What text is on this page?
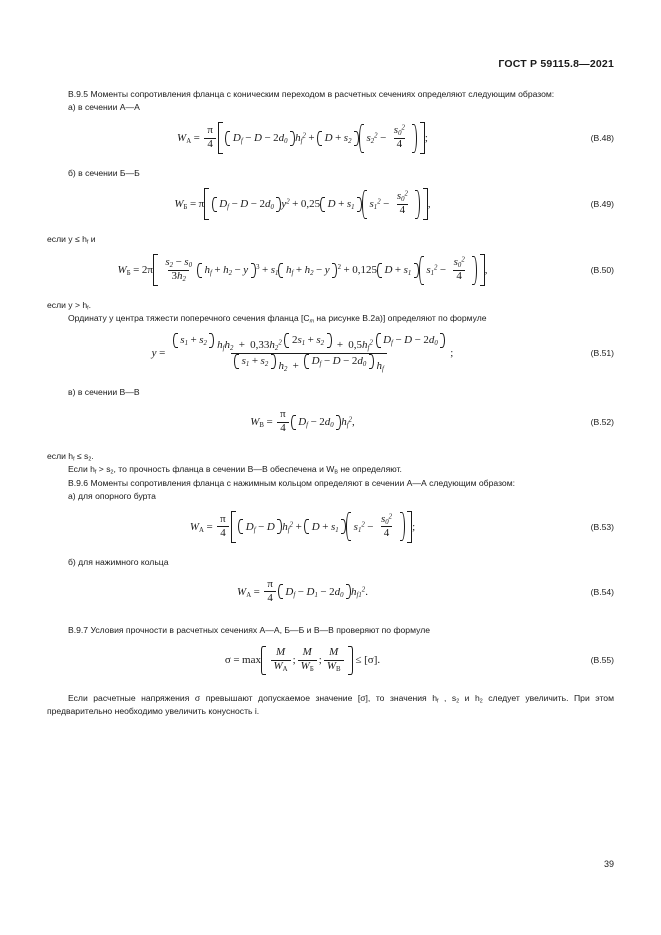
ГОСТ Р 59115.8—2021

В.9.5 Моменты сопротивления фланца с коническим переходом в расчетных сечениях определяют следующим образом:

а) в сечении А—А

$W_А = \frac{\pi}{4} D_f - D - 2$ $d_0$ $h_f^2 + D + s_2$ $s_2^2 - \frac{s_0^2}{4}$ ;	(В.48)

б) в сечении Б—Б

$W_Б = \pi$ $D_f - D - 2$ $d_0$ $y^2 + 0,25$ $D + s_1$ $s_1^2 - \frac{s_0^2}{4}$ ,	(В.49)

если $y \le h_f$ и

$W_Б = 2\pi \frac{s_2 - s_0}{3h_2} h_f + h_2 - y$ $3 + s_1$ $h_f + h_2 - y$ 2 + 0,125 $D + s_1$ $s_1^2 - \frac{s_0^2}{4}$ ,	(В.50)

если $y > h_f$.

Ординату y центра тяжести поперечного сечения фланца [$C_m$ на рисунке В.2а)] определяют по формуле

y =
$s_1 + s_2$ $h_fh_2 + 0,33h_2^2$ 2 $s_1 + s_2 + 0,5h_f^2$ $D_f - D - 2$ $d_0$
$s_1 + s_2$ $h_2 + D_f - D - 2$ $d_0$ $h_f$
;	(В.51)

в) в сечении В—В

$W_В = \frac{\pi}{4} D_f - 2$ $d_0$ $h_f^2$ ,	(В.52)

если $h_f \le s_2$.

Если $h_f > s_2$, то прочность фланца в сечении В—В обеспечена и $W_В$ не определяют.

В.9.6 Моменты сопротивления фланца с нажимным кольцом определяют в сечении А—А следующим образом:

а) для опорного бурта

$W_А = \frac{\pi}{4} D_f - D$ $h_f^2 + D + s_1$ $s_1^2 - \frac{s_0^2}{4}$ ;	(В.53)

б) для нажимного кольца

$W_А = \frac{\pi}{4} D_f - D_1 - 2$ $d_0$ $h_{f1}^2$ .	(В.54)

В.9.7 Условия прочности в расчетных сечениях А—А, Б—Б и В—В проверяют по формуле

$\sigma = \max \frac{M}{W_А}$ ; $\frac{M}{W_Б}$ ; $\frac{M}{W_В} \le [\sigma]$.	(В.55)

Если расчетные напряжения σ превышают допускаемое значение [σ], то значения $h_f$ , $s_2$ и $h_2$ следует увеличить. При этом предварительно необходимо увеличить конусность i.

39
